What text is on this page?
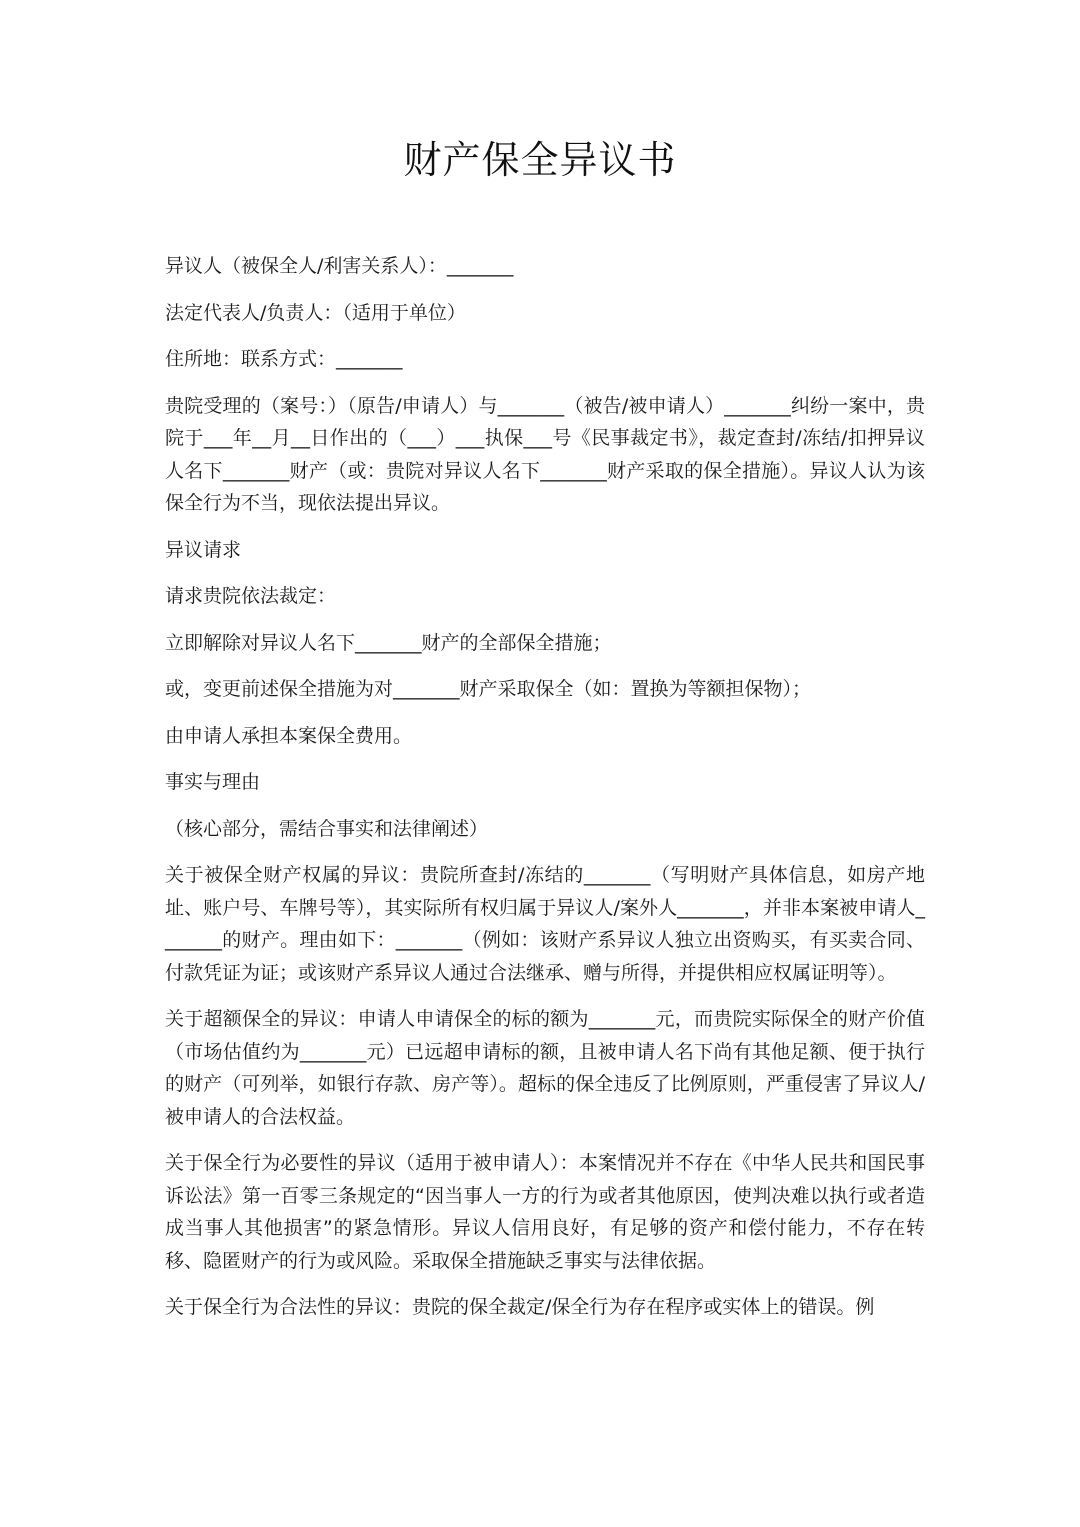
财产保全异议书

异议人（被保全人/利害关系人）：_______

法定代表人/负责人：（适用于单位）

住所地：联系方式：_______

贵院受理的（案号：）（原告/申请人）与_______（被告/被申请人）_______纠纷一案中，贵院于___年__月__日作出的（___）___执保___号《民事裁定书》，裁定查封/冻结/扣押异议人名下_______财产（或：贵院对异议人名下_______财产采取的保全措施）。异议人认为该保全行为不当，现依法提出异议。

异议请求

请求贵院依法裁定：

立即解除对异议人名下_______财产的全部保全措施；

或，变更前述保全措施为对_______财产采取保全（如：置换为等额担保物）；

由申请人承担本案保全费用。

事实与理由

（核心部分，需结合事实和法律阐述）

关于被保全财产权属的异议：贵院所查封/冻结的_______（写明财产具体信息，如房产地址、账户号、车牌号等），其实际所有权归属于异议人/案外人_______，并非本案被申请人_______的财产。理由如下：_______（例如：该财产系异议人独立出资购买，有买卖合同、付款凭证为证；或该财产系异议人通过合法继承、赠与所得，并提供相应权属证明等）。

关于超额保全的异议：申请人申请保全的标的额为_______元，而贵院实际保全的财产价值（市场估值约为_______元）已远超申请标的额，且被申请人名下尚有其他足额、便于执行的财产（可列举，如银行存款、房产等）。超标的保全违反了比例原则，严重侵害了异议人/被申请人的合法权益。

关于保全行为必要性的异议（适用于被申请人）：本案情况并不存在《中华人民共和国民事诉讼法》第一百零三条规定的“因当事人一方的行为或者其他原因，使判决难以执行或者造成当事人其他损害”的紧急情形。异议人信用良好，有足够的资产和偿付能力，不存在转移、隐匿财产的行为或风险。采取保全措施缺乏事实与法律依据。

关于保全行为合法性的异议：贵院的保全裁定/保全行为存在程序或实体上的错误。例
